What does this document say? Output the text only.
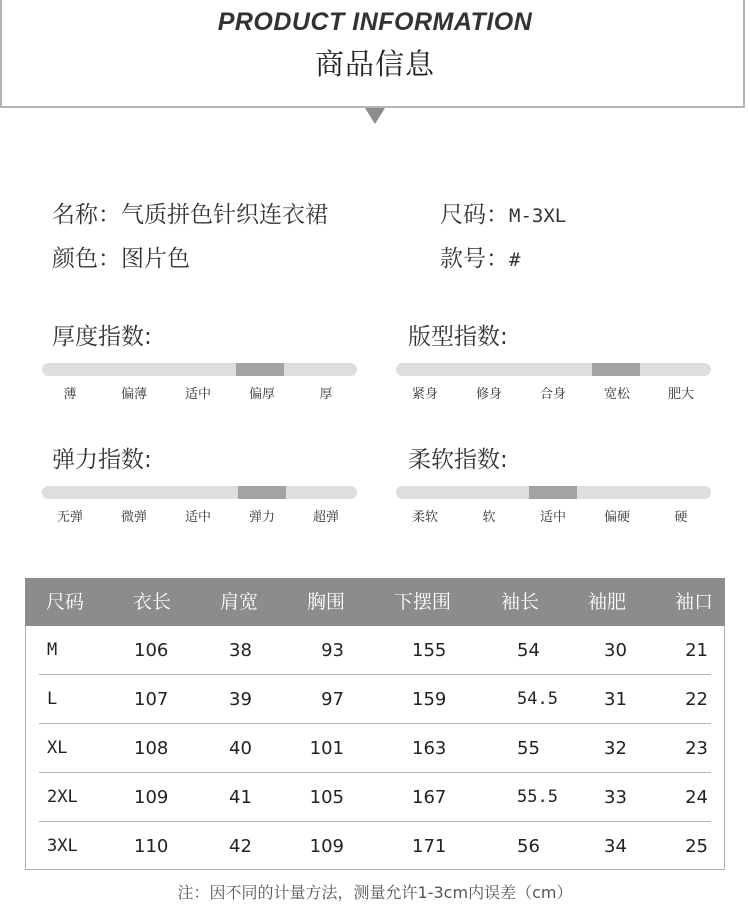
PRODUCT INFORMATION
商品信息
名称：气质拼色针织连衣裙	尺码：M-3XL
颜色：图片色	款号：#
厚度指数:
薄	偏薄	适中	偏厚	厚
版型指数:
紧身	修身	合身	宽松	肥大
弹力指数:
无弹	微弹	适中	弹力	超弹
柔软指数:
柔软	软	适中	偏硬	硬
尺码	衣长	肩宽	胸围	下摆围	袖长	袖肥	袖口
M	106	38	93	155	54	30	21
L	107	39	97	159	54.5	31	22
XL	108	40	101	163	55	32	23
2XL	109	41	105	167	55.5	33	24
3XL	110	42	109	171	56	34	25
注：因不同的计量方法，测量允许1-3cm内误差（cm）
